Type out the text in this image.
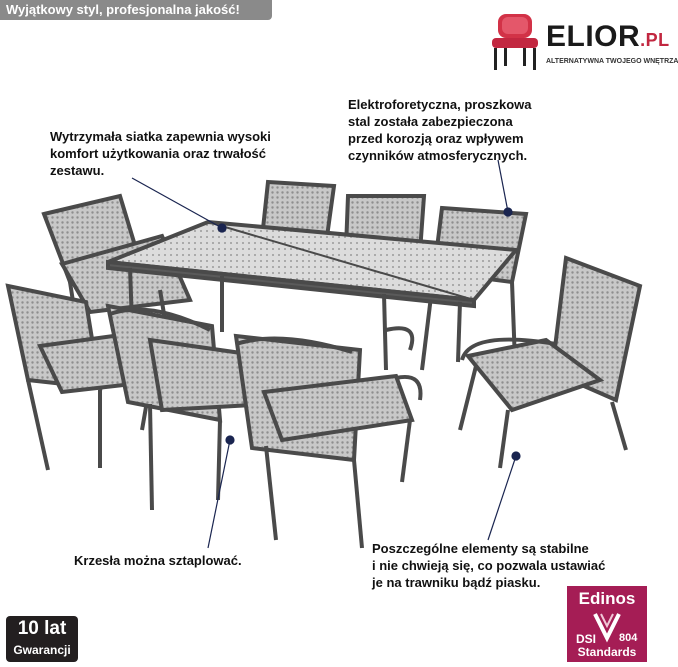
Wyjątkowy styl, profesjonalna jakość!
ELIOR.PL
ALTERNATYWNA TWOJEGO WNĘTRZA
Wytrzymała siatka zapewnia wysoki
komfort użytkowania oraz trwałość
zestawu.
Elektroforetyczna, proszkowa
stal została zabezpieczona
przed korozją oraz wpływem
czynników atmosferycznych.
Krzesła można sztaplować.
Poszczególne elementy są stabilne
i nie chwieją się, co pozwala ustawiać
je na trawniku bądź piasku.
10 lat
Gwarancji
Edinos
DSI 804
Standards
